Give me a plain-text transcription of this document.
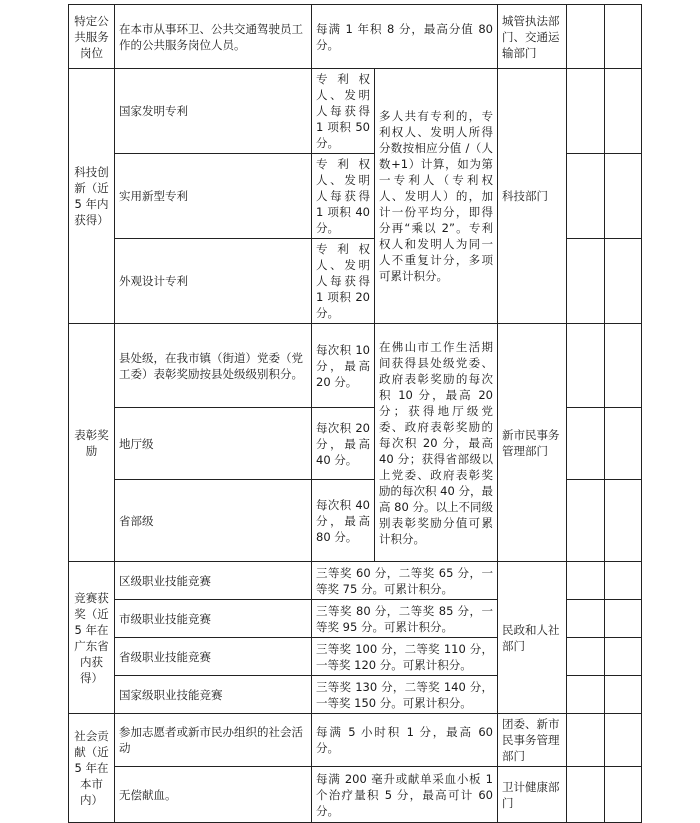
特定公共服务岗位	在本市从事环卫、公共交通驾驶员工作的公共服务岗位人员。	每满 1 年积 8 分，最高分值 80 分。		城管执法部门、交通运输部门		
科技创新（近 5 年内获得）	国家发明专利	专利权人、发明人每获得 1 项积 50 分。	多人共有专利的，专利权人、发明人所得分数按相应分值 /（人数+1）计算，如为第一专利人（专利权人、发明人）的，加计一份平均分，即得分再“乘以 2”。专利权人和发明人为同一人不重复计分，多项可累计积分。	科技部门		
	实用新型专利	专利权人、发明人每获得 1 项积 40 分。				
	外观设计专利	专利权人、发明人每获得 1 项积 20 分。				
表彰奖励	县处级，在我市镇（街道）党委（党工委）表彰奖励按县处级级别积分。	每次积 10 分，最高 20 分。	在佛山市工作生活期间获得县处级党委、政府表彰奖励的每次积 10 分，最高 20 分；获得地厅级党委、政府表彰奖励的每次积 20 分，最高 40 分；获得省部级以上党委、政府表彰奖励的每次积 40 分，最高 80 分。以上不同级别表彰奖励分值可累计积分。	新市民事务管理部门		
	地厅级	每次积 20 分，最高 40 分。				
	省部级	每次积 40 分，最高 80 分。				
竞赛获奖（近 5 年在广东省内获得）	区级职业技能竞赛	三等奖 60 分，二等奖 65 分，一等奖 75 分。可累计积分。		民政和人社部门		
	市级职业技能竞赛	三等奖 80 分，二等奖 85 分，一等奖 95 分。可累计积分。				
	省级职业技能竞赛	三等奖 100 分，二等奖 110 分，一等奖 120 分。可累计积分。				
	国家级职业技能竞赛	三等奖 130 分，二等奖 140 分，一等奖 150 分。可累计积分。				
社会贡献（近 5 年在本市内）	参加志愿者或新市民办组织的社会活动	每满 5 小时积 1 分，最高 60 分。		团委、新市民事务管理部门		
	无偿献血。	每满 200 毫升或献单采血小板 1 个治疗量积 5 分，最高可计 60 分。		卫计健康部门		
